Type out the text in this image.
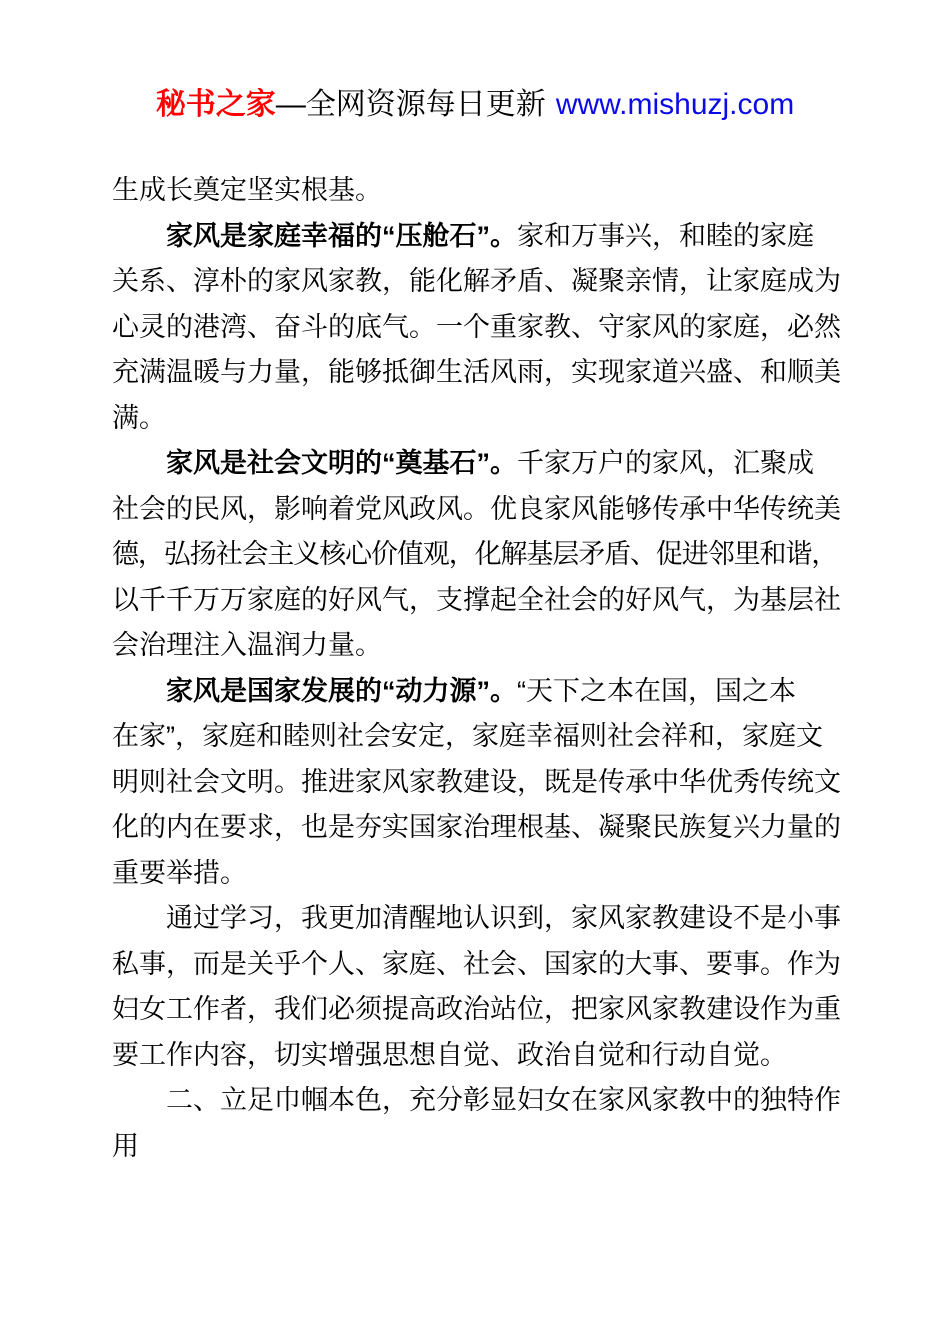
秘书之家—全网资源每日更新 www.mishuzj.com
生成长奠定坚实根基。
家风是家庭幸福的“压舱石”。家和万事兴，和睦的家庭
关系、淳朴的家风家教，能化解矛盾、凝聚亲情，让家庭成为
心灵的港湾、奋斗的底气。一个重家教、守家风的家庭，必然
充满温暖与力量，能够抵御生活风雨，实现家道兴盛、和顺美
满。
家风是社会文明的“奠基石”。千家万户的家风，汇聚成
社会的民风，影响着党风政风。优良家风能够传承中华传统美
德，弘扬社会主义核心价值观，化解基层矛盾、促进邻里和谐，
以千千万万家庭的好风气，支撑起全社会的好风气，为基层社
会治理注入温润力量。
家风是国家发展的“动力源”。“天下之本在国，国之本
在家”，家庭和睦则社会安定，家庭幸福则社会祥和，家庭文
明则社会文明。推进家风家教建设，既是传承中华优秀传统文
化的内在要求，也是夯实国家治理根基、凝聚民族复兴力量的
重要举措。
通过学习，我更加清醒地认识到，家风家教建设不是小事
私事，而是关乎个人、家庭、社会、国家的大事、要事。作为
妇女工作者，我们必须提高政治站位，把家风家教建设作为重
要工作内容，切实增强思想自觉、政治自觉和行动自觉。
二、立足巾帼本色，充分彰显妇女在家风家教中的独特作
用
